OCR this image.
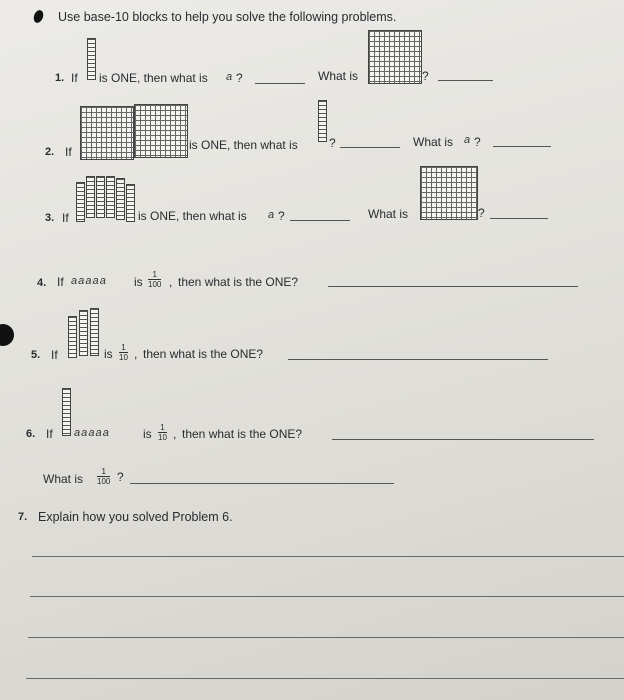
Use base-10 blocks to help you solve the following problems.
1. If is ONE, then what is a ?	What is	?
2. If	is ONE, then what is	?	What is a ?
3. If	is ONE, then what is a ?	What is	?
4. If a a a a a is $\frac{1}{100}$ , then what is the ONE?
5. If	is $\frac{1}{10}$ , then what is the ONE?
6. If a a a a a	is $\frac{1}{10}$ , then what is the ONE?
What is $\frac{1}{100}$ ?
7. Explain how you solved Problem 6.
